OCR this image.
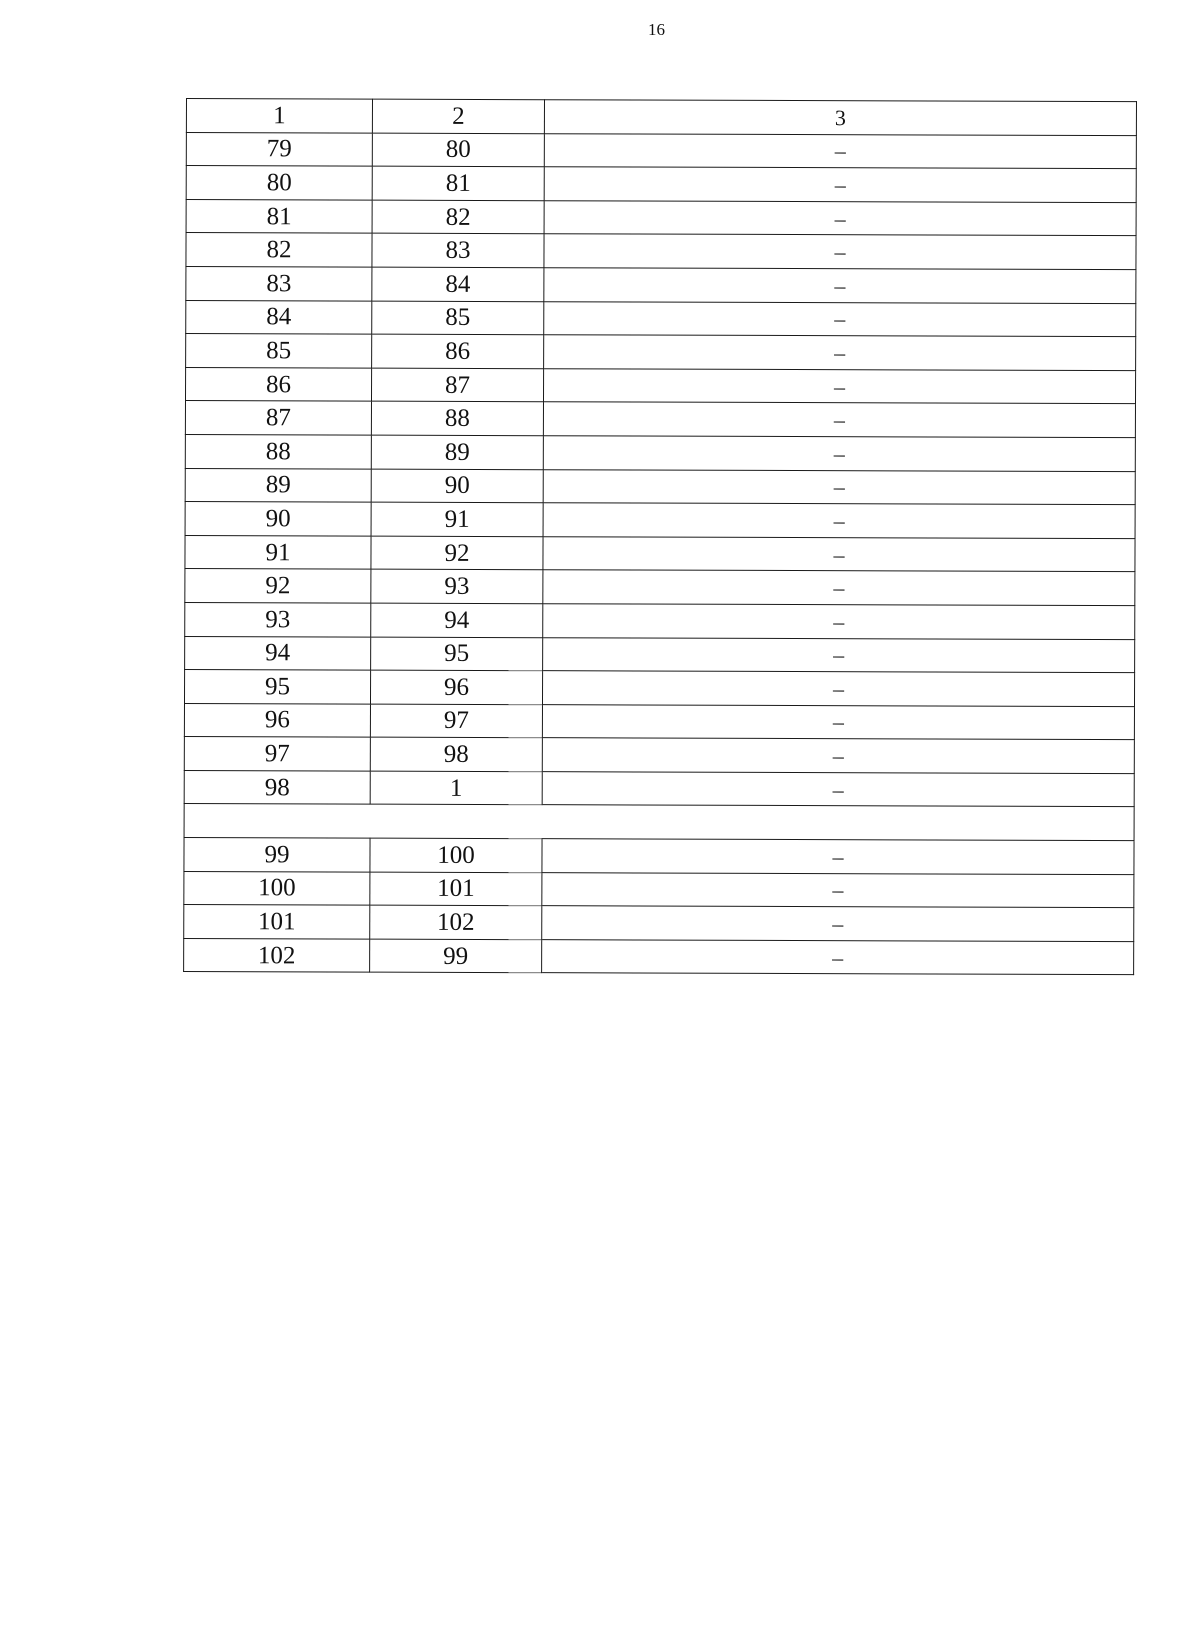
16
1	2	3
79	80	–
80	81	–
81	82	–
82	83	–
83	84	–
84	85	–
85	86	–
86	87	–
87	88	–
88	89	–
89	90	–
90	91	–
91	92	–
92	93	–
93	94	–
94	95	–
95	96	–
96	97	–
97	98	–
98	1	–

99	100	–
100	101	–
101	102	–
102	99	–
